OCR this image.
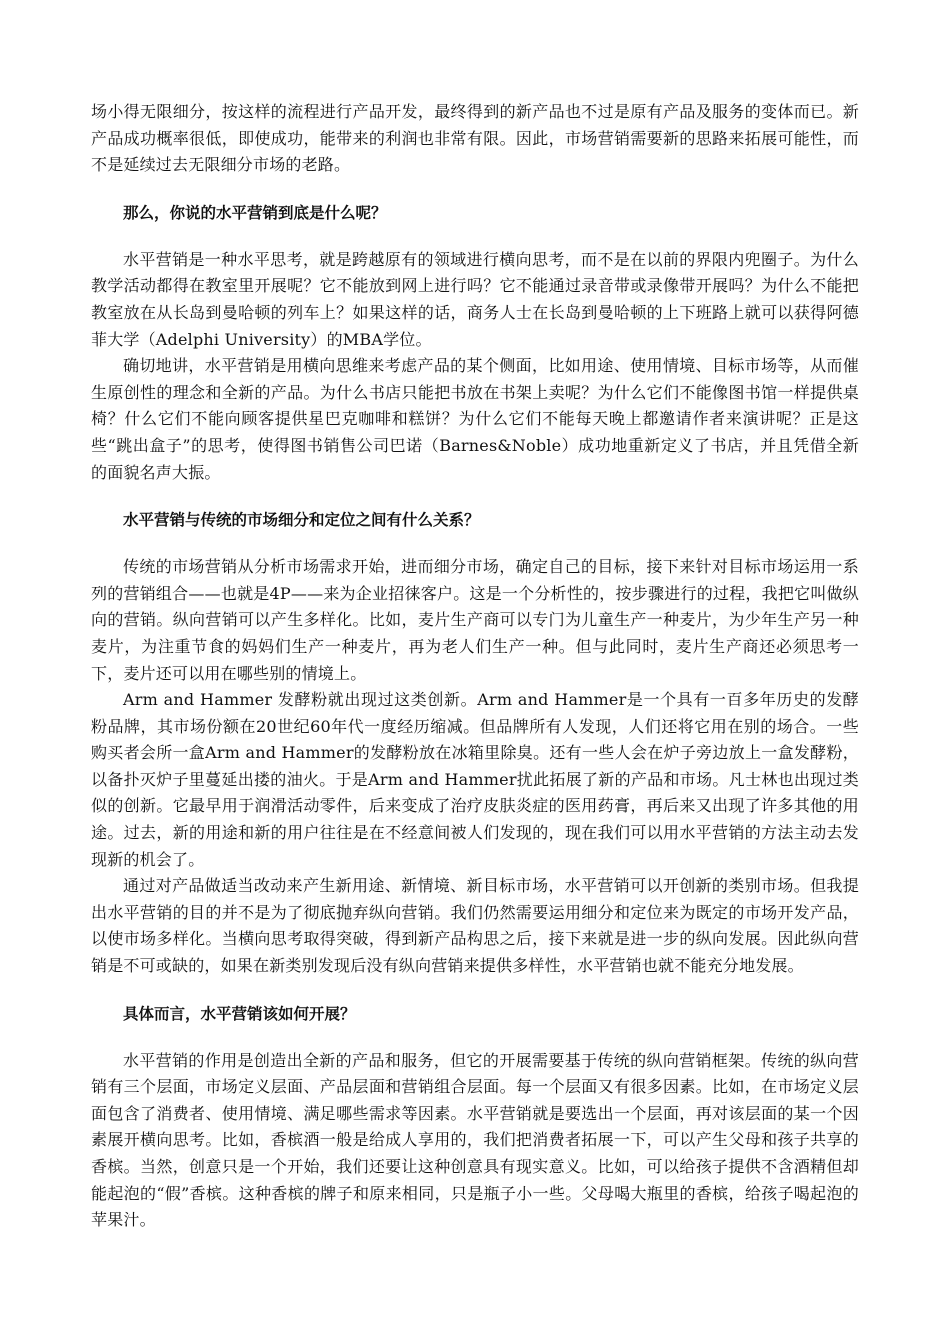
场小得无限细分，按这样的流程进行产品开发，最终得到的新产品也不过是原有产品及服务的变体而已。新产品成功概率很低，即使成功，能带来的利润也非常有限。因此，市场营销需要新的思路来拓展可能性，而不是延续过去无限细分市场的老路。

那么，你说的水平营销到底是什么呢？

水平营销是一种水平思考，就是跨越原有的领域进行横向思考，而不是在以前的界限内兜圈子。为什么教学活动都得在教室里开展呢？它不能放到网上进行吗？它不能通过录音带或录像带开展吗？为什么不能把教室放在从长岛到曼哈顿的列车上？如果这样的话，商务人士在长岛到曼哈顿的上下班路上就可以获得阿德菲大学（Adelphi University）的MBA学位。

确切地讲，水平营销是用横向思维来考虑产品的某个侧面，比如用途、使用情境、目标市场等，从而催生原创性的理念和全新的产品。为什么书店只能把书放在书架上卖呢？为什么它们不能像图书馆一样提供桌椅？什么它们不能向顾客提供星巴克咖啡和糕饼？为什么它们不能每天晚上都邀请作者来演讲呢？正是这些“跳出盒子”的思考，使得图书销售公司巴诺（Barnes&Noble）成功地重新定义了书店，并且凭借全新的面貌名声大振。

水平营销与传统的市场细分和定位之间有什么关系？

传统的市场营销从分析市场需求开始，进而细分市场，确定自己的目标，接下来针对目标市场运用一系列的营销组合——也就是4P——来为企业招徕客户。这是一个分析性的，按步骤进行的过程，我把它叫做纵向的营销。纵向营销可以产生多样化。比如，麦片生产商可以专门为儿童生产一种麦片，为少年生产另一种麦片，为注重节食的妈妈们生产一种麦片，再为老人们生产一种。但与此同时，麦片生产商还必须思考一下，麦片还可以用在哪些别的情境上。

Arm and Hammer 发酵粉就出现过这类创新。Arm and Hammer是一个具有一百多年历史的发酵粉品牌，其市场份额在20世纪60年代一度经历缩减。但品牌所有人发现，人们还将它用在别的场合。一些购买者会所一盒Arm and Hammer的发酵粉放在冰箱里除臭。还有一些人会在炉子旁边放上一盒发酵粉，以备扑灭炉子里蔓延出搂的油火。于是Arm and Hammer扰此拓展了新的产品和市场。凡士林也出现过类似的创新。它最早用于润滑活动零件，后来变成了治疗皮肤炎症的医用药膏，再后来又出现了许多其他的用途。过去，新的用途和新的用户往往是在不经意间被人们发现的，现在我们可以用水平营销的方法主动去发现新的机会了。

通过对产品做适当改动来产生新用途、新情境、新目标市场，水平营销可以开创新的类别市场。但我提出水平营销的目的并不是为了彻底抛弃纵向营销。我们仍然需要运用细分和定位来为既定的市场开发产品，以使市场多样化。当横向思考取得突破，得到新产品构思之后，接下来就是进一步的纵向发展。因此纵向营销是不可或缺的，如果在新类别发现后没有纵向营销来提供多样性，水平营销也就不能充分地发展。

具体而言，水平营销该如何开展？

水平营销的作用是创造出全新的产品和服务，但它的开展需要基于传统的纵向营销框架。传统的纵向营销有三个层面，市场定义层面、产品层面和营销组合层面。每一个层面又有很多因素。比如，在市场定义层面包含了消费者、使用情境、满足哪些需求等因素。水平营销就是要选出一个层面，再对该层面的某一个因素展开横向思考。比如，香槟酒一般是给成人享用的，我们把消费者拓展一下，可以产生父母和孩子共享的香槟。当然，创意只是一个开始，我们还要让这种创意具有现实意义。比如，可以给孩子提供不含酒精但却能起泡的“假”香槟。这种香槟的牌子和原来相同，只是瓶子小一些。父母喝大瓶里的香槟，给孩子喝起泡的苹果汁。
